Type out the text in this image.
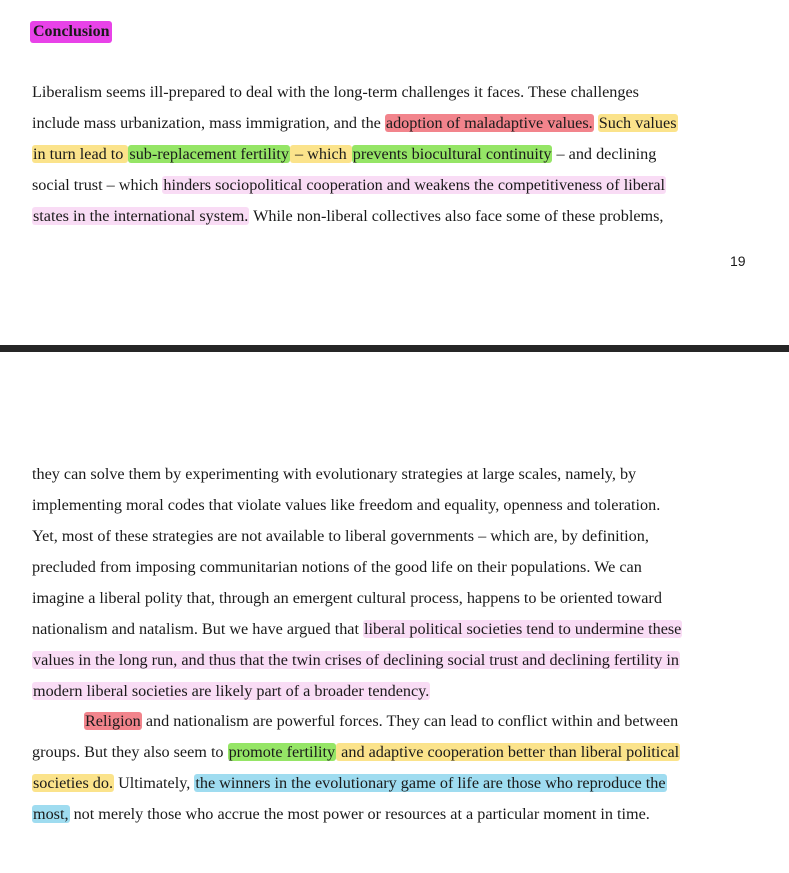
Conclusion

Liberalism seems ill-prepared to deal with the long-term challenges it faces. These challenges
include mass urbanization, mass immigration, and the adoption of maladaptive values. Such values
in turn lead to sub-replacement fertility – which prevents biocultural continuity – and declining
social trust – which hinders sociopolitical cooperation and weakens the competitiveness of liberal
states in the international system. While non-liberal collectives also face some of these problems,

19

they can solve them by experimenting with evolutionary strategies at large scales, namely, by
implementing moral codes that violate values like freedom and equality, openness and toleration.
Yet, most of these strategies are not available to liberal governments – which are, by definition,
precluded from imposing communitarian notions of the good life on their populations. We can
imagine a liberal polity that, through an emergent cultural process, happens to be oriented toward
nationalism and natalism. But we have argued that liberal political societies tend to undermine these
values in the long run, and thus that the twin crises of declining social trust and declining fertility in
modern liberal societies are likely part of a broader tendency.

Religion and nationalism are powerful forces. They can lead to conflict within and between
groups. But they also seem to promote fertility and adaptive cooperation better than liberal political
societies do. Ultimately, the winners in the evolutionary game of life are those who reproduce the
most, not merely those who accrue the most power or resources at a particular moment in time.
